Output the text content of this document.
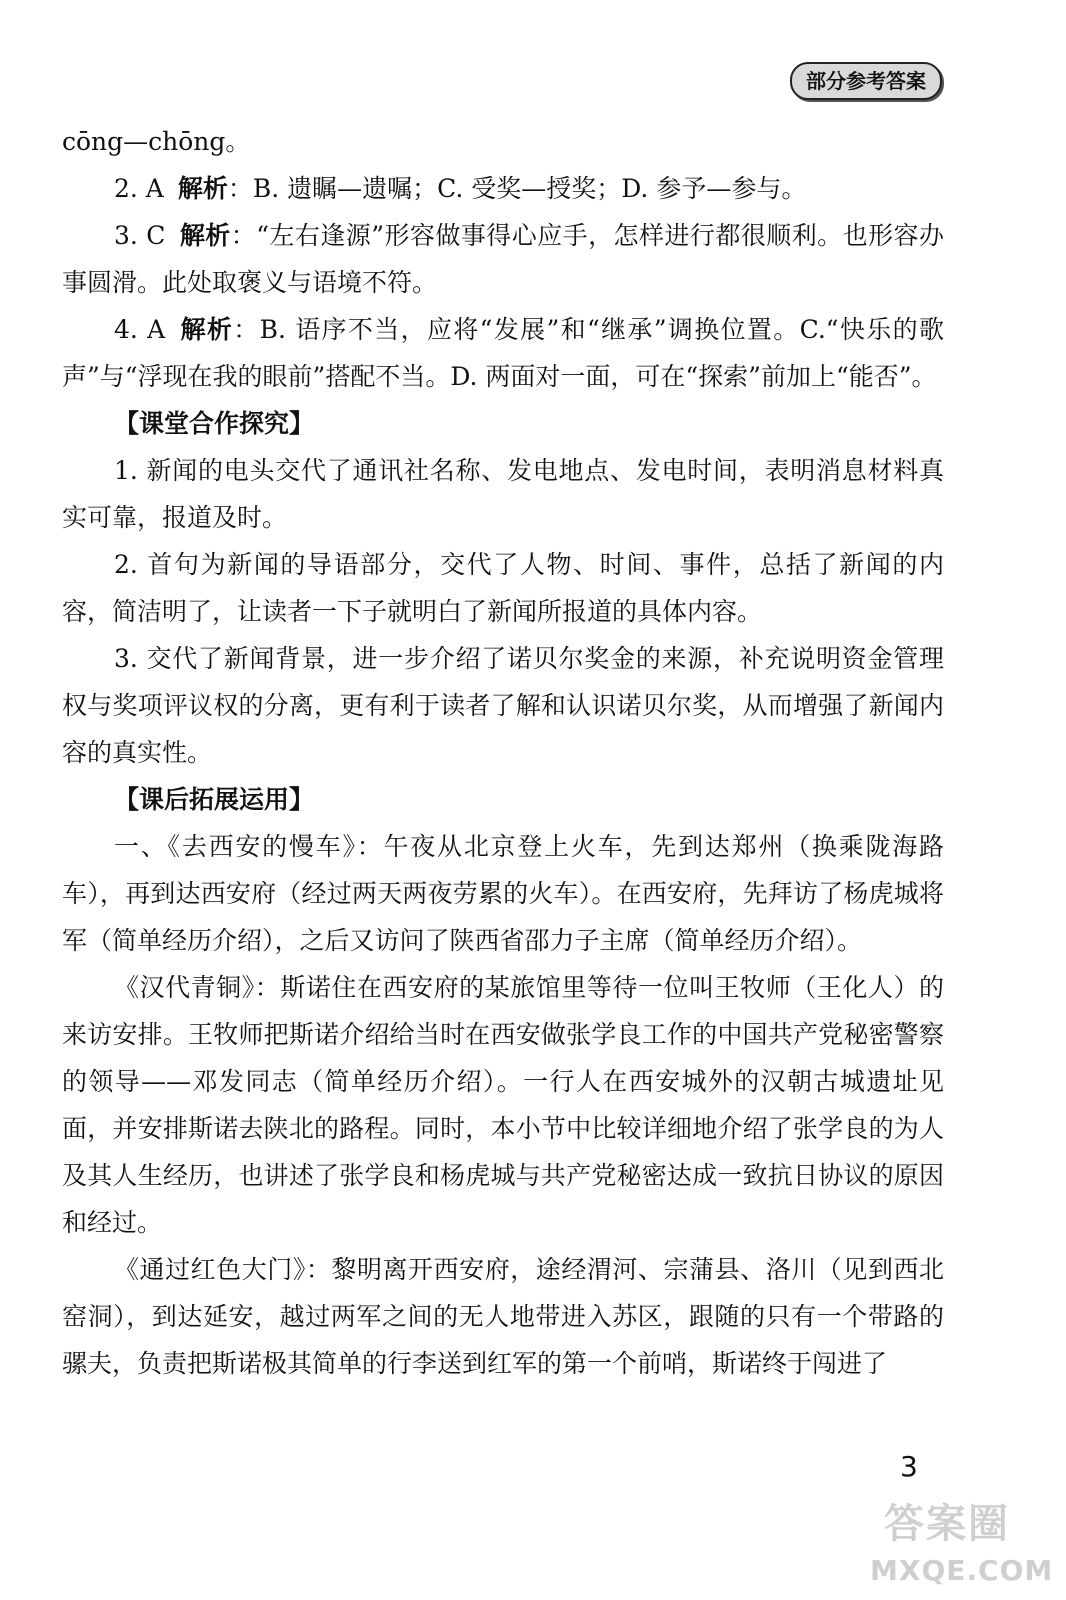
部分参考答案

cōng—chōng。

2. A 解析：B. 遗瞩—遗嘱；C. 受奖—授奖；D. 参予—参与。

3. C 解析：“左右逢源”形容做事得心应手，怎样进行都很顺利。也形容办事圆滑。此处取褒义与语境不符。

4. A 解析：B. 语序不当，应将“发展”和“继承”调换位置。C.“快乐的歌声”与“浮现在我的眼前”搭配不当。D. 两面对一面，可在“探索”前加上“能否”。

【课堂合作探究】

1. 新闻的电头交代了通讯社名称、发电地点、发电时间，表明消息材料真实可靠，报道及时。

2. 首句为新闻的导语部分，交代了人物、时间、事件，总括了新闻的内容，简洁明了，让读者一下子就明白了新闻所报道的具体内容。

3. 交代了新闻背景，进一步介绍了诺贝尔奖金的来源，补充说明资金管理权与奖项评议权的分离，更有利于读者了解和认识诺贝尔奖，从而增强了新闻内容的真实性。

【课后拓展运用】

一、《去西安的慢车》：午夜从北京登上火车，先到达郑州（换乘陇海路车），再到达西安府（经过两天两夜劳累的火车）。在西安府，先拜访了杨虎城将军（简单经历介绍），之后又访问了陕西省邵力子主席（简单经历介绍）。

《汉代青铜》：斯诺住在西安府的某旅馆里等待一位叫王牧师（王化人）的来访安排。王牧师把斯诺介绍给当时在西安做张学良工作的中国共产党秘密警察的领导——邓发同志（简单经历介绍）。一行人在西安城外的汉朝古城遗址见面，并安排斯诺去陕北的路程。同时，本小节中比较详细地介绍了张学良的为人及其人生经历，也讲述了张学良和杨虎城与共产党秘密达成一致抗日协议的原因和经过。

《通过红色大门》：黎明离开西安府，途经渭河、宗蒲县、洛川（见到西北窑洞），到达延安，越过两军之间的无人地带进入苏区，跟随的只有一个带路的骡夫，负责把斯诺极其简单的行李送到红军的第一个前哨，斯诺终于闯进了

3
答案圈
MXQE.COM
